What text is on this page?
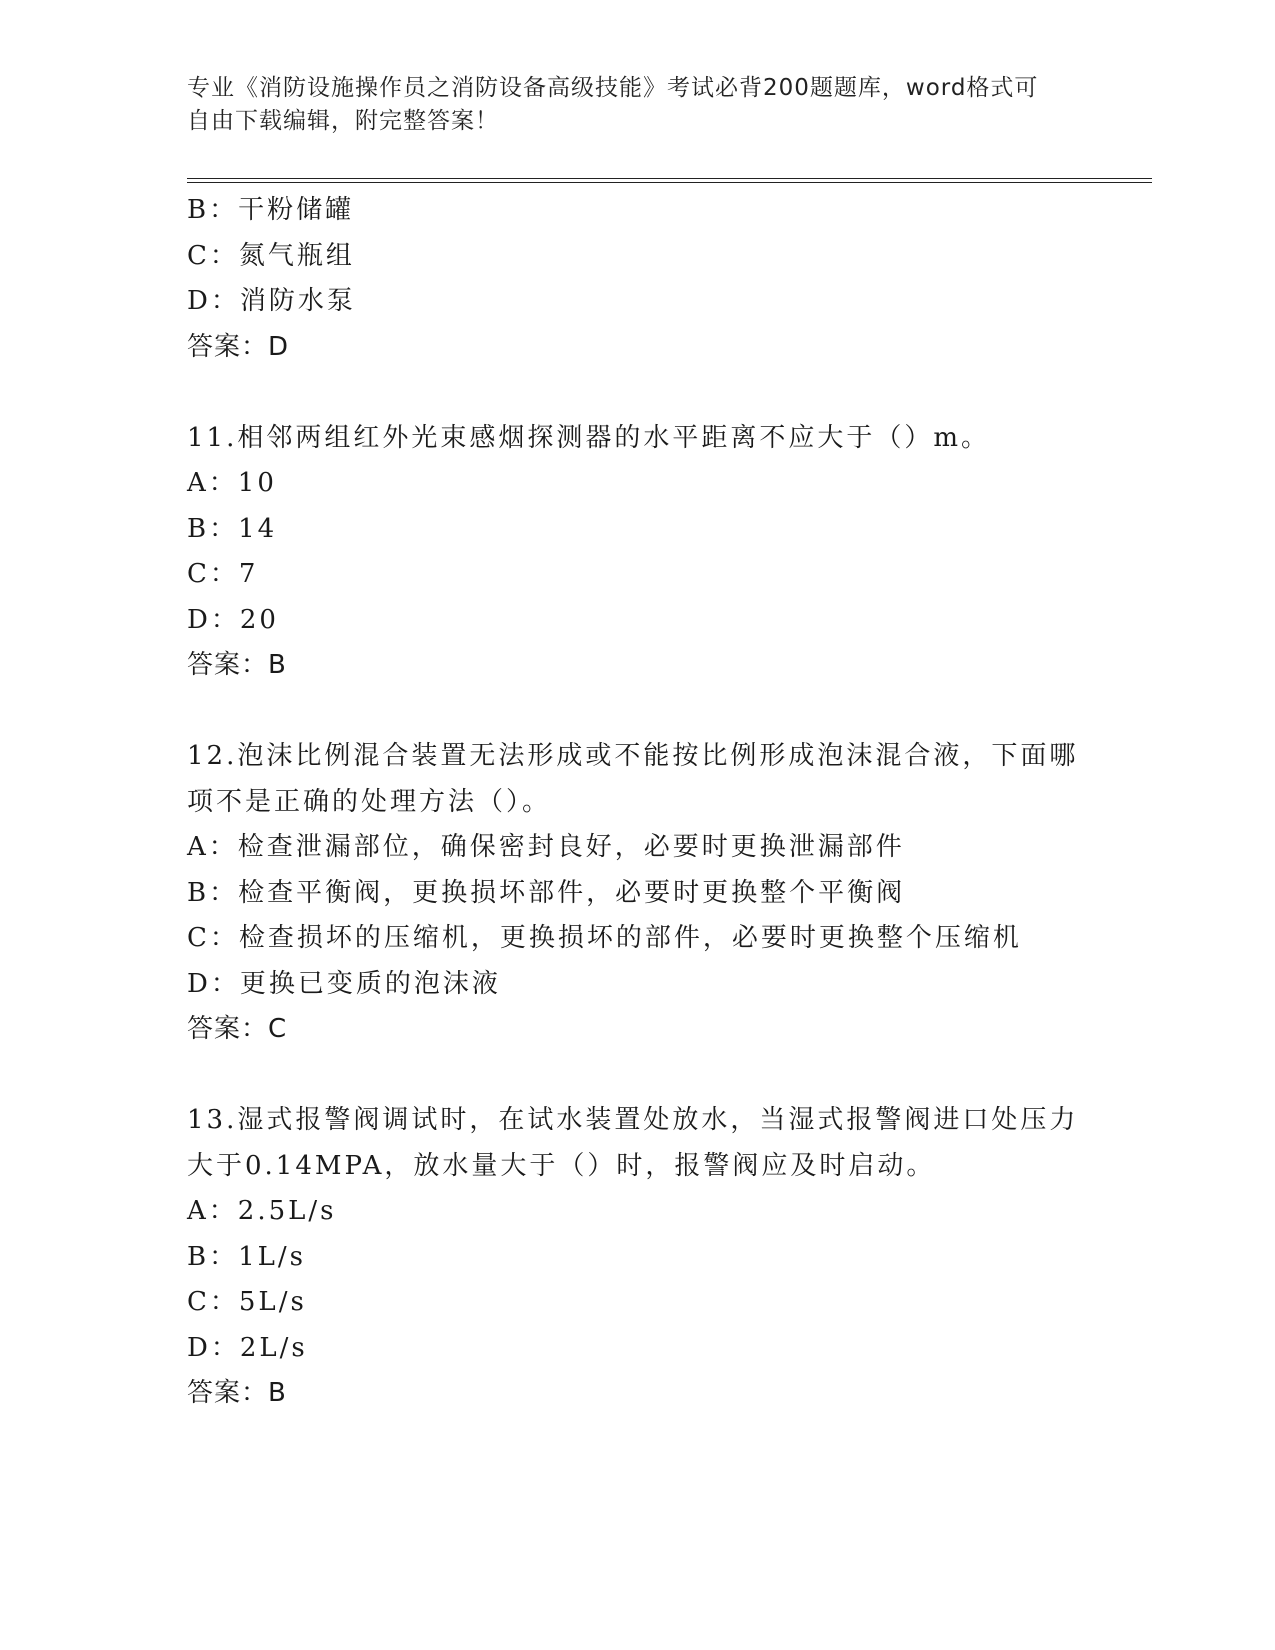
专业《消防设施操作员之消防设备高级技能》考试必背200题题库，word格式可
自由下载编辑，附完整答案！
B：干粉储罐
C：氮气瓶组
D：消防水泵
答案：D
11.相邻两组红外光束感烟探测器的水平距离不应大于（）m。
A：10
B：14
C：7
D：20
答案：B
12.泡沫比例混合装置无法形成或不能按比例形成泡沫混合液，下面哪
项不是正确的处理方法（）。
A：检查泄漏部位，确保密封良好，必要时更换泄漏部件
B：检查平衡阀，更换损坏部件，必要时更换整个平衡阀
C：检查损坏的压缩机，更换损坏的部件，必要时更换整个压缩机
D：更换已变质的泡沫液
答案：C
13.湿式报警阀调试时，在试水装置处放水，当湿式报警阀进口处压力
大于0.14MPA，放水量大于（）时，报警阀应及时启动。
A：2.5L/s
B：1L/s
C：5L/s
D：2L/s
答案：B
